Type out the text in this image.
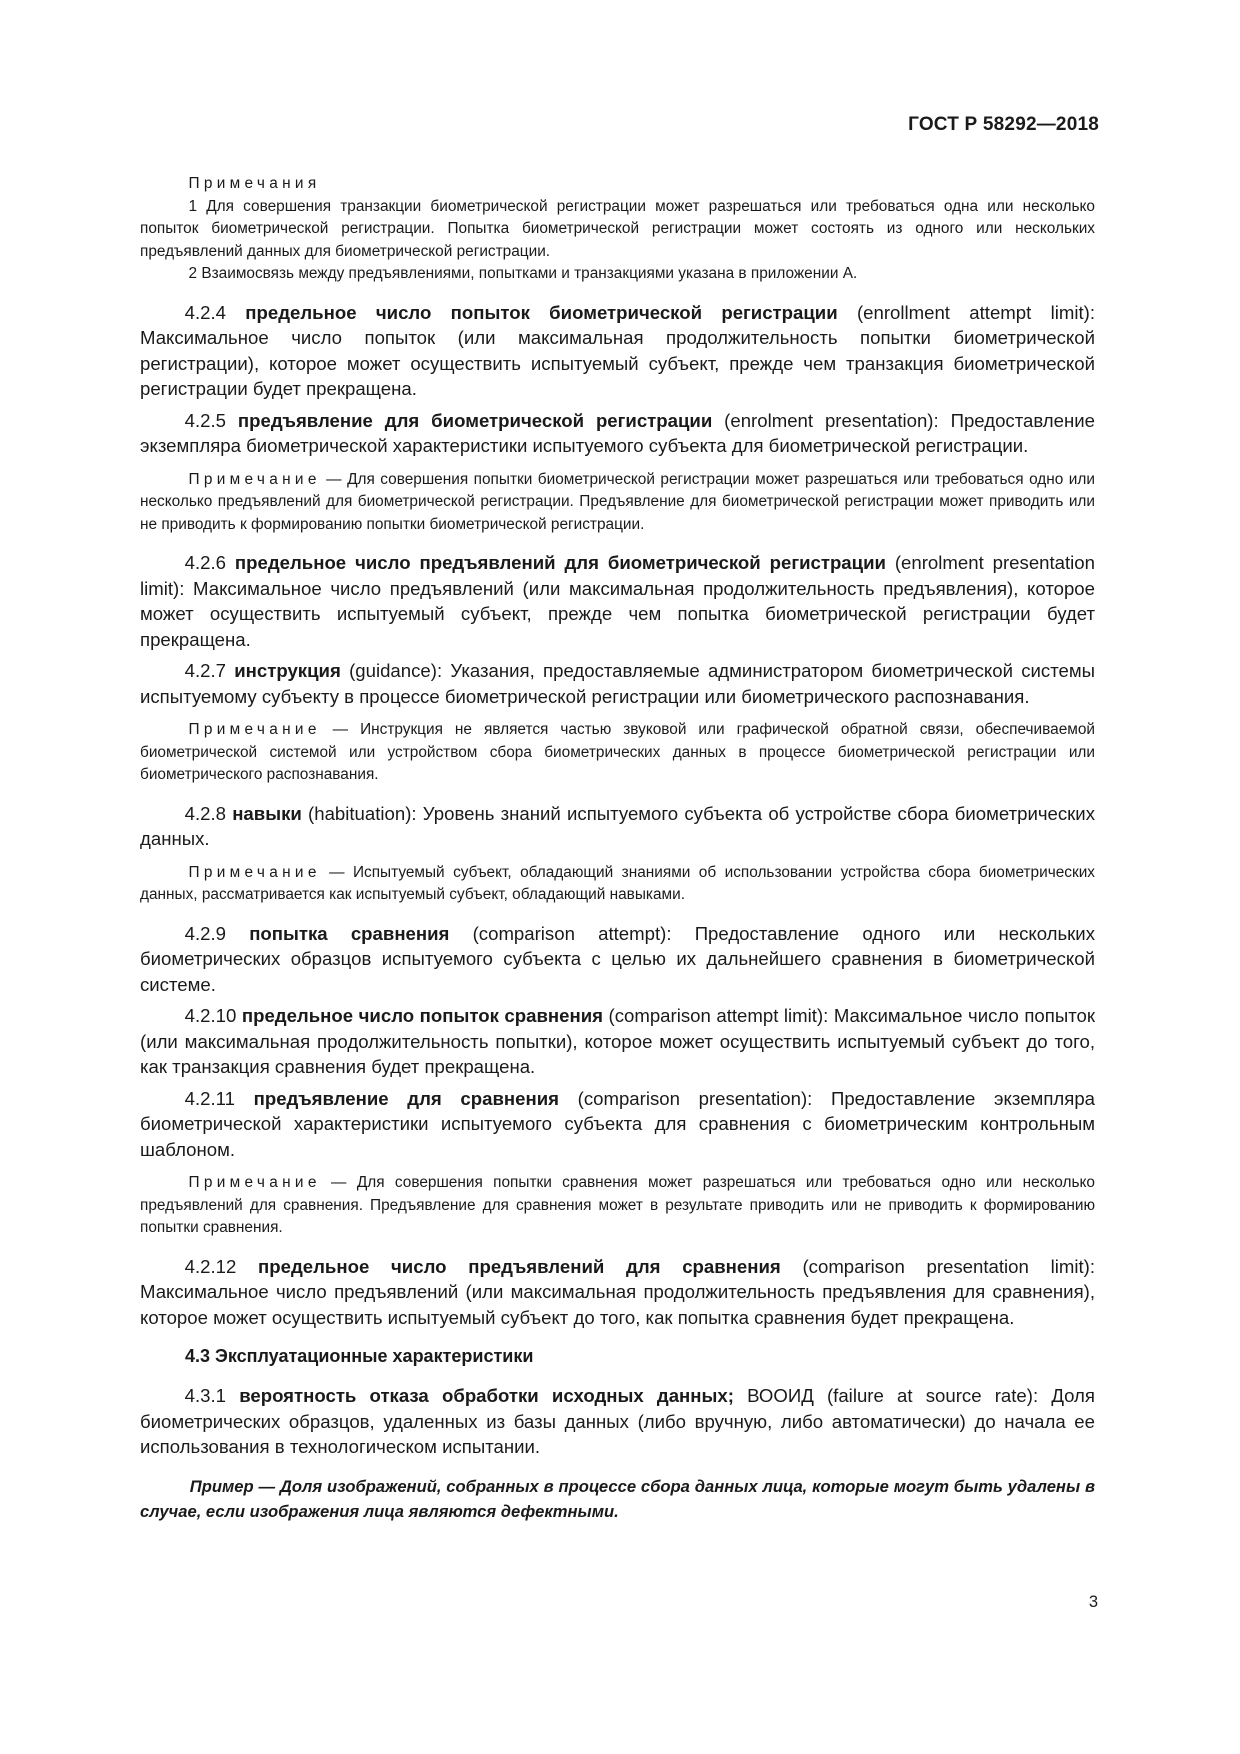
ГОСТ Р 58292—2018

Примечания

1 Для совершения транзакции биометрической регистрации может разрешаться или требоваться одна или несколько попыток биометрической регистрации. Попытка биометрической регистрации может состоять из одного или нескольких предъявлений данных для биометрической регистрации.

2 Взаимосвязь между предъявлениями, попытками и транзакциями указана в приложении А.

4.2.4 предельное число попыток биометрической регистрации (enrollment attempt limit): Максимальное число попыток (или максимальная продолжительность попытки биометрической регистрации), которое может осуществить испытуемый субъект, прежде чем транзакция биометрической регистрации будет прекращена.

4.2.5 предъявление для биометрической регистрации (enrolment presentation): Предоставление экземпляра биометрической характеристики испытуемого субъекта для биометрической регистрации.

Примечание — Для совершения попытки биометрической регистрации может разрешаться или требоваться одно или несколько предъявлений для биометрической регистрации. Предъявление для биометрической регистрации может приводить или не приводить к формированию попытки биометрической регистрации.

4.2.6 предельное число предъявлений для биометрической регистрации (enrolment presentation limit): Максимальное число предъявлений (или максимальная продолжительность предъявления), которое может осуществить испытуемый субъект, прежде чем попытка биометрической регистрации будет прекращена.

4.2.7 инструкция (guidance): Указания, предоставляемые администратором биометрической системы испытуемому субъекту в процессе биометрической регистрации или биометрического распознавания.

Примечание — Инструкция не является частью звуковой или графической обратной связи, обеспечиваемой биометрической системой или устройством сбора биометрических данных в процессе биометрической регистрации или биометрического распознавания.

4.2.8 навыки (habituation): Уровень знаний испытуемого субъекта об устройстве сбора биометрических данных.

Примечание — Испытуемый субъект, обладающий знаниями об использовании устройства сбора биометрических данных, рассматривается как испытуемый субъект, обладающий навыками.

4.2.9 попытка сравнения (comparison attempt): Предоставление одного или нескольких биометрических образцов испытуемого субъекта с целью их дальнейшего сравнения в биометрической системе.

4.2.10 предельное число попыток сравнения (comparison attempt limit): Максимальное число попыток (или максимальная продолжительность попытки), которое может осуществить испытуемый субъект до того, как транзакция сравнения будет прекращена.

4.2.11 предъявление для сравнения (comparison presentation): Предоставление экземпляра биометрической характеристики испытуемого субъекта для сравнения с биометрическим контрольным шаблоном.

Примечание — Для совершения попытки сравнения может разрешаться или требоваться одно или несколько предъявлений для сравнения. Предъявление для сравнения может в результате приводить или не приводить к формированию попытки сравнения.

4.2.12 предельное число предъявлений для сравнения (comparison presentation limit): Максимальное число предъявлений (или максимальная продолжительность предъявления для сравнения), которое может осуществить испытуемый субъект до того, как попытка сравнения будет прекращена.

4.3 Эксплуатационные характеристики

4.3.1 вероятность отказа обработки исходных данных; ВООИД (failure at source rate): Доля биометрических образцов, удаленных из базы данных (либо вручную, либо автоматически) до начала ее использования в технологическом испытании.

Пример — Доля изображений, собранных в процессе сбора данных лица, которые могут быть удалены в случае, если изображения лица являются дефектными.

3
